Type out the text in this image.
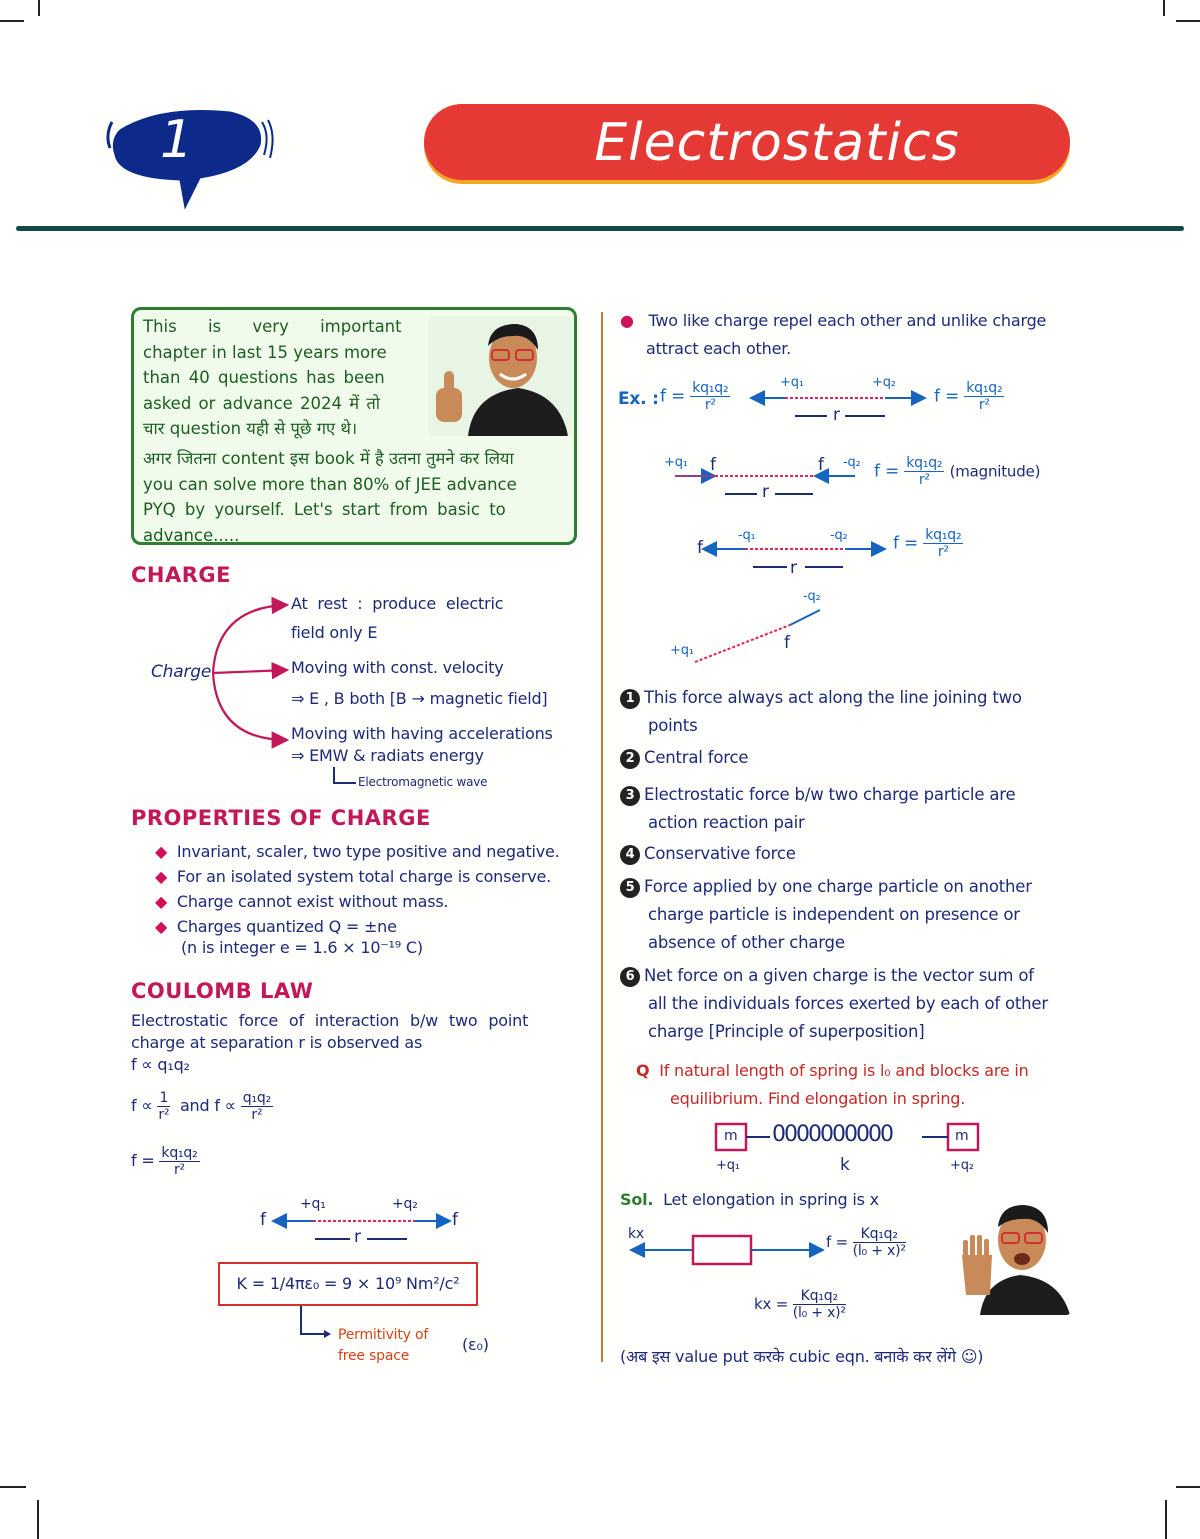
1	Electrostatics
This is very important
chapter in last 15 years more
than 40 questions has been
asked or advance 2024 में तो
चार question यही से पूछे गए थे।
अगर जितना content इस book में है उतना तुमने कर लिया
you can solve more than 80% of JEE advance
PYQ by yourself. Let's start from basic to
advance.....
CHARGE
Charge
At rest : produce electric
field only E
Moving with const. velocity
⇒ E , B both [B → magnetic field]
Moving with having accelerations
⇒ EMW & radiats energy
Electromagnetic wave
PROPERTIES OF CHARGE
◆ Invariant, scaler, two type positive and negative.
◆ For an isolated system total charge is conserve.
◆ Charge cannot exist without mass.
◆ Charges quantized Q = ±ne
(n is integer e = 1.6 × 10⁻¹⁹ C)
COULOMB LAW
Electrostatic force of interaction b/w two point
charge at separation r is observed as
f ∝ q₁q₂
$f \propto \frac{1}{\text{r²}}$ and $f \propto \frac{\text{q₁q₂}}{\text{r²}}$
$f = \frac{\text{kq₁q₂}}{\text{r²}}$
f	f
+q₁	+q₂
r
K = 1/4πε₀ = 9 × 10⁹ Nm²/c²
Permitivity of
free space
(ε₀)
● Two like charge repel each other and unlike charge
attract each other.
Ex. : $f = \frac{\text{kq₁q₂}}{\text{r²}}$	+q₁	+q₂
r
$f = \frac{\text{kq₁q₂}}{\text{r²}}$
+q₁ f	f -q₂
r
$f = \frac{\text{kq₁q₂}}{\text{r²}}$ (magnitude)
f
-q₁	-q₂
r
$f = \frac{\text{kq₁q₂}}{\text{r²}}$
+q₁
-q₂
f
1 This force always act along the line joining two
points
2 Central force
3 Electrostatic force b/w two charge particle are
action reaction pair
4 Conservative force
5 Force applied by one charge particle on another
charge particle is independent on presence or
absence of other charge
6 Net force on a given charge is the vector sum of
all the individuals forces exerted by each of other
charge [Principle of superposition]
Q If natural length of spring is l₀ and blocks are in
equilibrium. Find elongation in spring.
m	m
0000000000
+q₁	k	+q₂
Sol. Let elongation in spring is x
kx	$f = \frac{\text{Kq₁q₂}}{\text{(l₀ + x)²}}$
kx = $\frac{\text{Kq₁q₂}}{\text{(l₀ + x)²}}$
(अब इस value put करके cubic eqn. बनाके कर लेंगे ☺)
